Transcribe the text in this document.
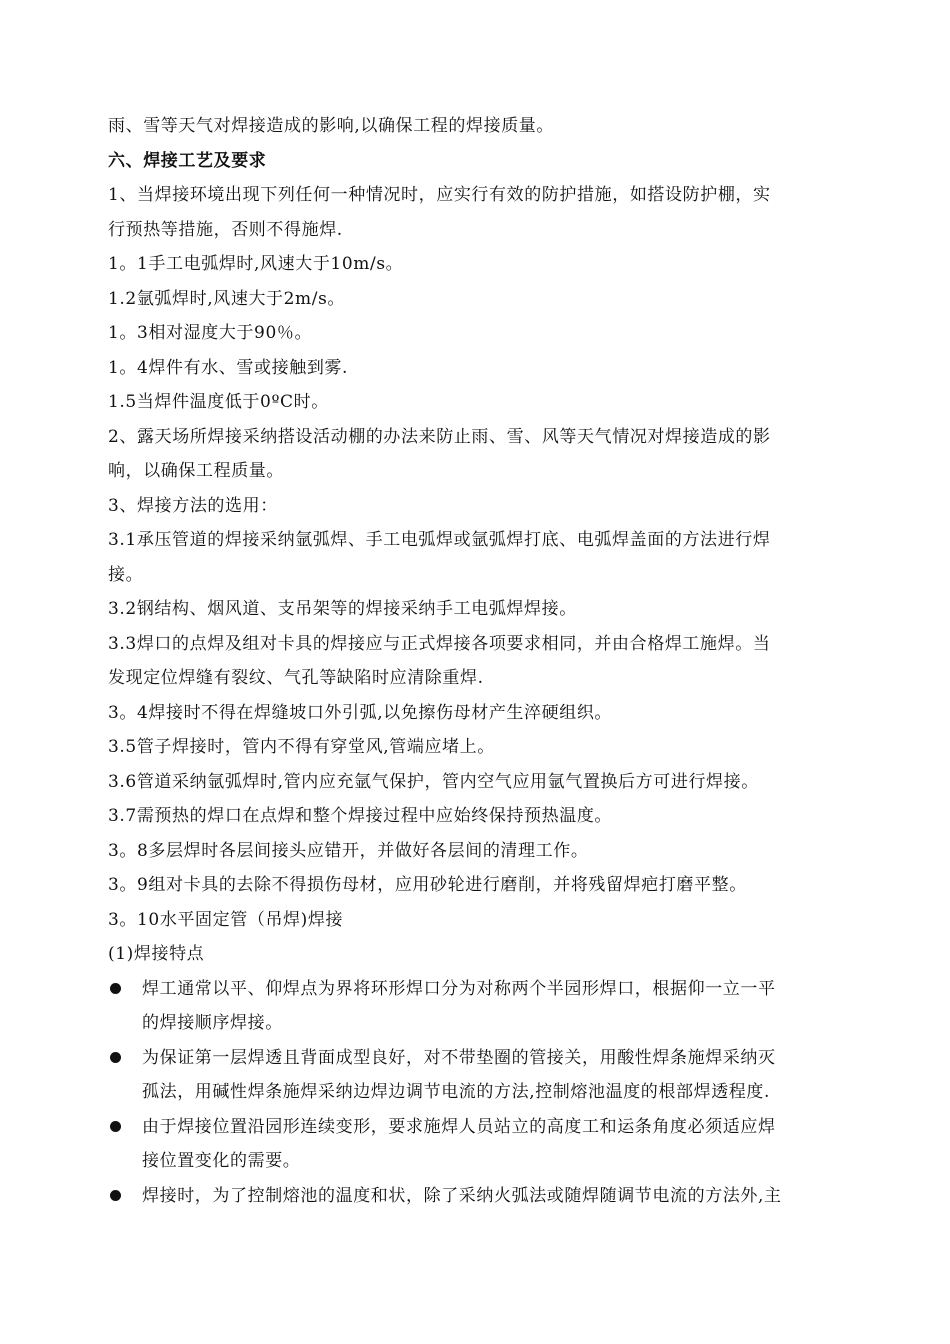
雨、雪等天气对焊接造成的影响,以确保工程的焊接质量。
六、焊接工艺及要求
1、当焊接环境出现下列任何一种情况时，应实行有效的防护措施，如搭设防护棚，实
行预热等措施，否则不得施焊.
1。1手工电弧焊时,风速大于10m/s。
1.2氩弧焊时,风速大于2m/s。
1。3相对湿度大于90％。
1。4焊件有水、雪或接触到雾.
1.5当焊件温度低于0ºC时。
2、露天场所焊接采纳搭设活动棚的办法来防止雨、雪、风等天气情况对焊接造成的影
响，以确保工程质量。
3、焊接方法的选用：
3.1承压管道的焊接采纳氩弧焊、手工电弧焊或氩弧焊打底、电弧焊盖面的方法进行焊
接。
3.2钢结构、烟风道、支吊架等的焊接采纳手工电弧焊焊接。
3.3焊口的点焊及组对卡具的焊接应与正式焊接各项要求相同，并由合格焊工施焊。当
发现定位焊缝有裂纹、气孔等缺陷时应清除重焊.
3。4焊接时不得在焊缝坡口外引弧,以免擦伤母材产生淬硬组织。
3.5管子焊接时，管内不得有穿堂风,管端应堵上。
3.6管道采纳氩弧焊时,管内应充氩气保护，管内空气应用氩气置换后方可进行焊接。
3.7需预热的焊口在点焊和整个焊接过程中应始终保持预热温度。
3。8多层焊时各层间接头应错开，并做好各层间的清理工作。
3。9组对卡具的去除不得损伤母材，应用砂轮进行磨削，并将残留焊疤打磨平整。
3。10水平固定管（吊焊)焊接
(1)焊接特点
焊工通常以平、仰焊点为界将环形焊口分为对称两个半园形焊口，根据仰一立一平
的焊接顺序焊接。
为保证第一层焊透且背面成型良好，对不带垫圈的管接关，用酸性焊条施焊采纳灭
孤法，用碱性焊条施焊采纳边焊边调节电流的方法,控制熔池温度的根部焊透程度.
由于焊接位置沿园形连续变形，要求施焊人员站立的高度工和运条角度必须适应焊
接位置变化的需要。
焊接时，为了控制熔池的温度和状，除了采纳火弧法或随焊随调节电流的方法外,主
